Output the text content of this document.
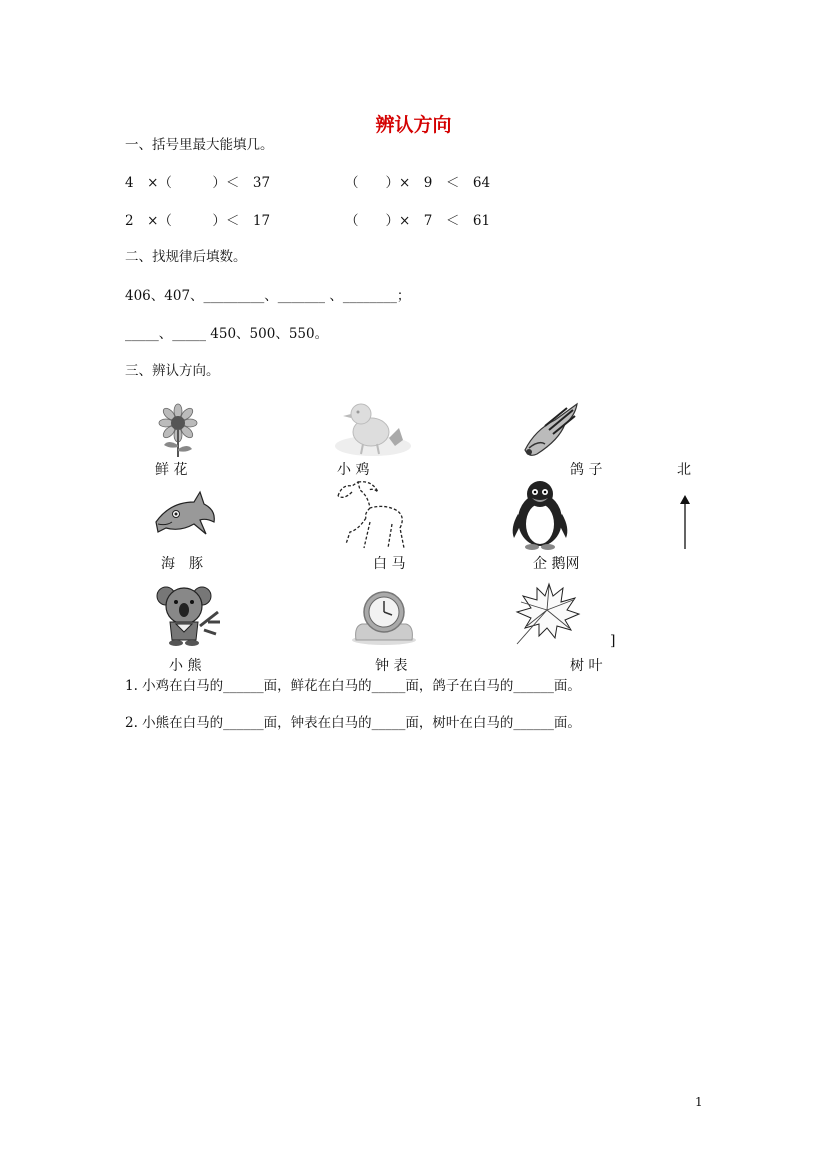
辨认方向
一、括号里最大能填几。
4　×（　　　）＜　37	（　　）×　9　＜　64
2　×（　　　）＜　17	（　　）×　7　＜　61
二、找规律后填数。
406、407、_________、_______ 、________；
_____、_____ 450、500、550。
三、辨认方向。
鲜 花	小 鸡	鸽 子	北
海　豚	白 马	企 鹅网
]
小 熊	钟 表	树 叶
1. 小鸡在白马的______面，鲜花在白马的_____面，鸽子在白马的______面。
2. 小熊在白马的______面，钟表在白马的_____面，树叶在白马的______面。
1
